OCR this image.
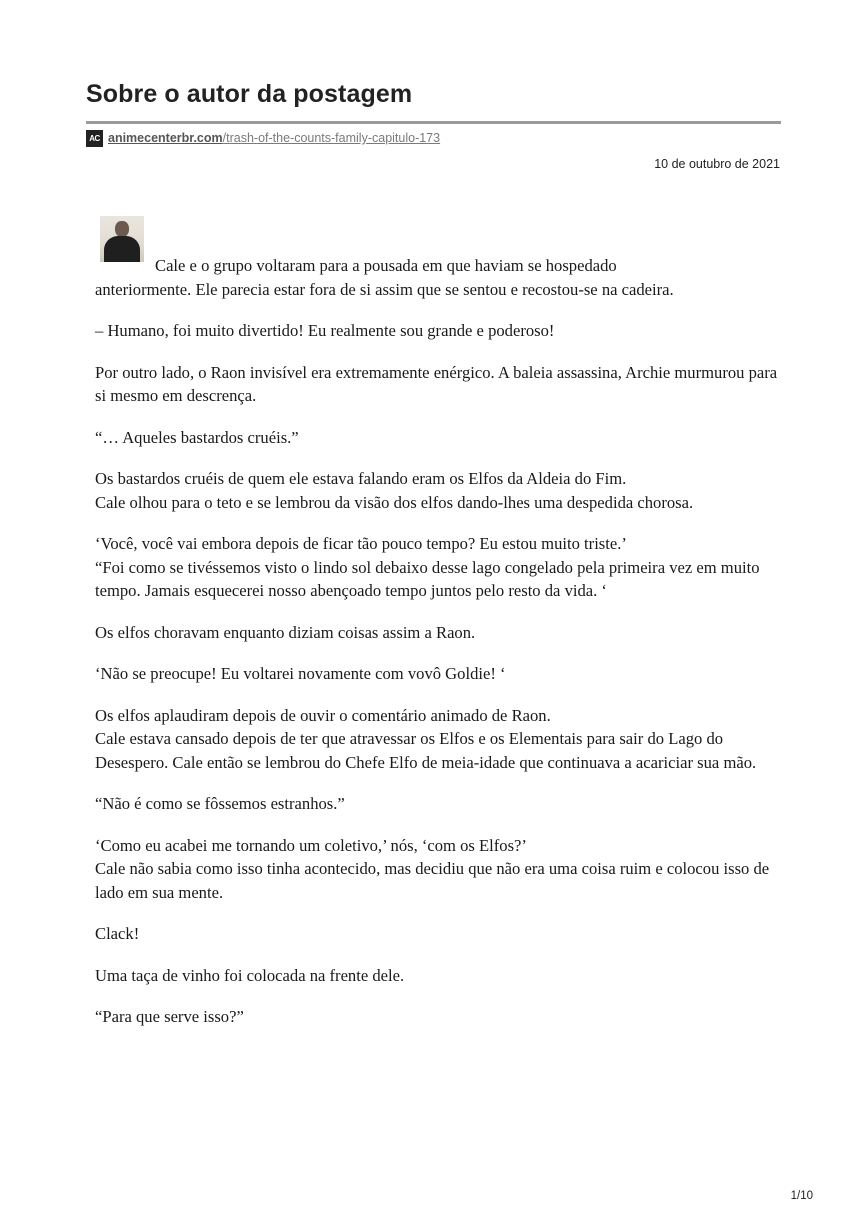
Sobre o autor da postagem
AC animecenterbr.com /trash-of-the-counts-family-capitulo-173
10 de outubro de 2021

Cale e o grupo voltaram para a pousada em que haviam se hospedado
anteriormente. Ele parecia estar fora de si assim que se sentou e recostou-se na cadeira.

– Humano, foi muito divertido! Eu realmente sou grande e poderoso!

Por outro lado, o Raon invisível era extremamente enérgico. A baleia assassina, Archie murmurou para si mesmo em descrença.

“… Aqueles bastardos cruéis.”

Os bastardos cruéis de quem ele estava falando eram os Elfos da Aldeia do Fim.
Cale olhou para o teto e se lembrou da visão dos elfos dando-lhes uma despedida chorosa.

‘Você, você vai embora depois de ficar tão pouco tempo? Eu estou muito triste.’
“Foi como se tivéssemos visto o lindo sol debaixo desse lago congelado pela primeira vez em muito tempo. Jamais esquecerei nosso abençoado tempo juntos pelo resto da vida. ‘

Os elfos choravam enquanto diziam coisas assim a Raon.

‘Não se preocupe! Eu voltarei novamente com vovô Goldie! ‘

Os elfos aplaudiram depois de ouvir o comentário animado de Raon.
Cale estava cansado depois de ter que atravessar os Elfos e os Elementais para sair do Lago do Desespero. Cale então se lembrou do Chefe Elfo de meia-idade que continuava a acariciar sua mão.

“Não é como se fôssemos estranhos.”

‘Como eu acabei me tornando um coletivo,’ nós, ‘com os Elfos?’
Cale não sabia como isso tinha acontecido, mas decidiu que não era uma coisa ruim e colocou isso de lado em sua mente.

Clack!

Uma taça de vinho foi colocada na frente dele.

“Para que serve isso?”

1/10
